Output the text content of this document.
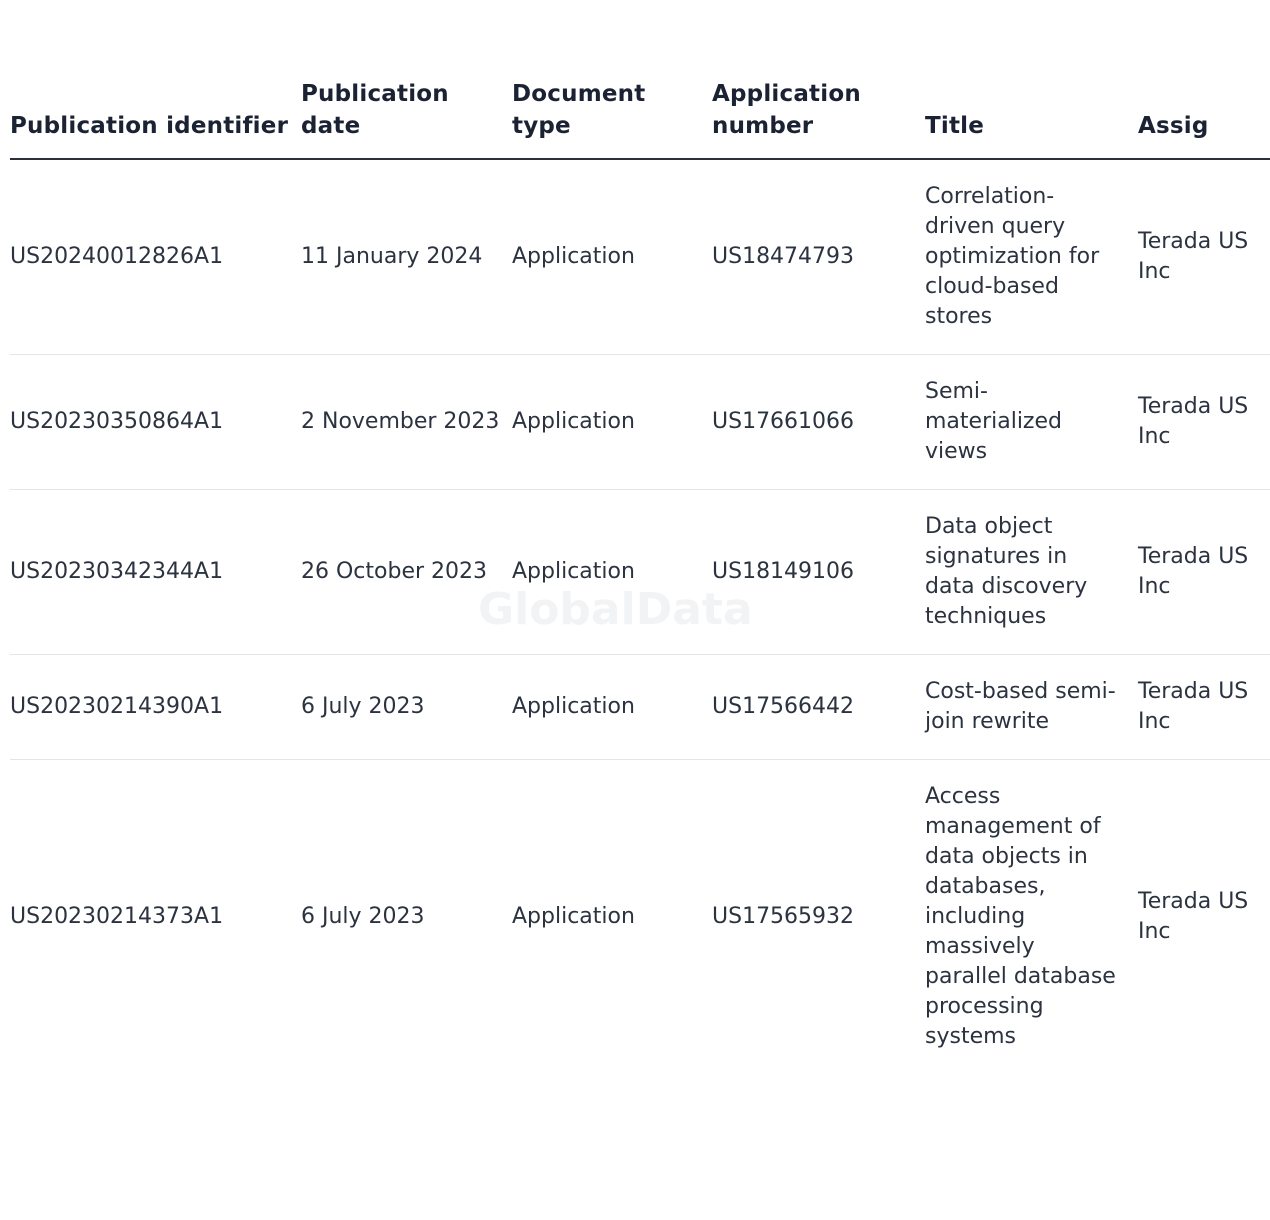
GlobalData
Publication identifier	Publication date	Document type	Application number	Title	Assig
US20240012826A1	11 January 2024	Application	US18474793	Correlation-driven query optimization for cloud-based stores	Terada US Inc
US20230350864A1	2 November 2023	Application	US17661066	Semi-materialized views	Terada US Inc
US20230342344A1	26 October 2023	Application	US18149106	Data object signatures in data discovery techniques	Terada US Inc
US20230214390A1	6 July 2023	Application	US17566442	Cost-based semi-join rewrite	Terada US Inc
US20230214373A1	6 July 2023	Application	US17565932	Access management of data objects in databases, including massively parallel database processing systems	Terada US Inc
